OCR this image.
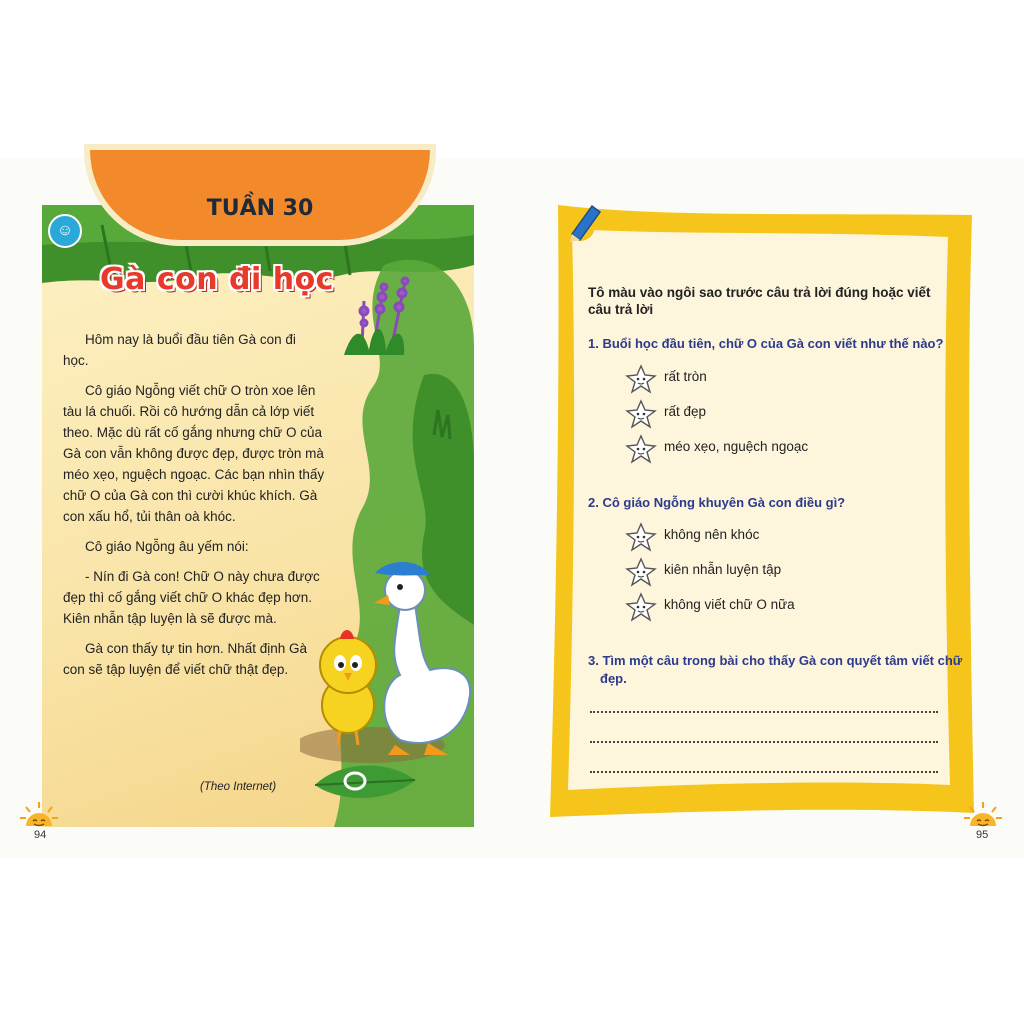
TUẦN 30
☺
Gà con đi học

Hôm nay là buổi đầu tiên Gà con đi học.

Cô giáo Ngỗng viết chữ O tròn xoe lên tàu lá chuối. Rồi cô hướng dẫn cả lớp viết theo. Mặc dù rất cố gắng nhưng chữ O của Gà con vẫn không được đẹp, được tròn mà méo xẹo, nguệch ngoạc. Các bạn nhìn thấy chữ O của Gà con thì cười khúc khích. Gà con xấu hổ, tủi thân oà khóc.

Cô giáo Ngỗng âu yếm nói:

- Nín đi Gà con! Chữ O này chưa được đẹp thì cố gắng viết chữ O khác đẹp hơn. Kiên nhẫn tập luyện là sẽ được mà.

Gà con thấy tự tin hơn. Nhất định Gà con sẽ tập luyện để viết chữ thật đẹp.

(Theo Internet)
94
Tô màu vào ngôi sao trước câu trả lời đúng hoặc viết câu trả lời
1. Buổi học đầu tiên, chữ O của Gà con viết như thế nào?
rất tròn
rất đẹp
méo xẹo, nguệch ngoạc
2. Cô giáo Ngỗng khuyên Gà con điều gì?
không nên khóc
kiên nhẫn luyện tập
không viết chữ O nữa
3. Tìm một câu trong bài cho thấy Gà con quyết tâm viết chữ đẹp.
95
